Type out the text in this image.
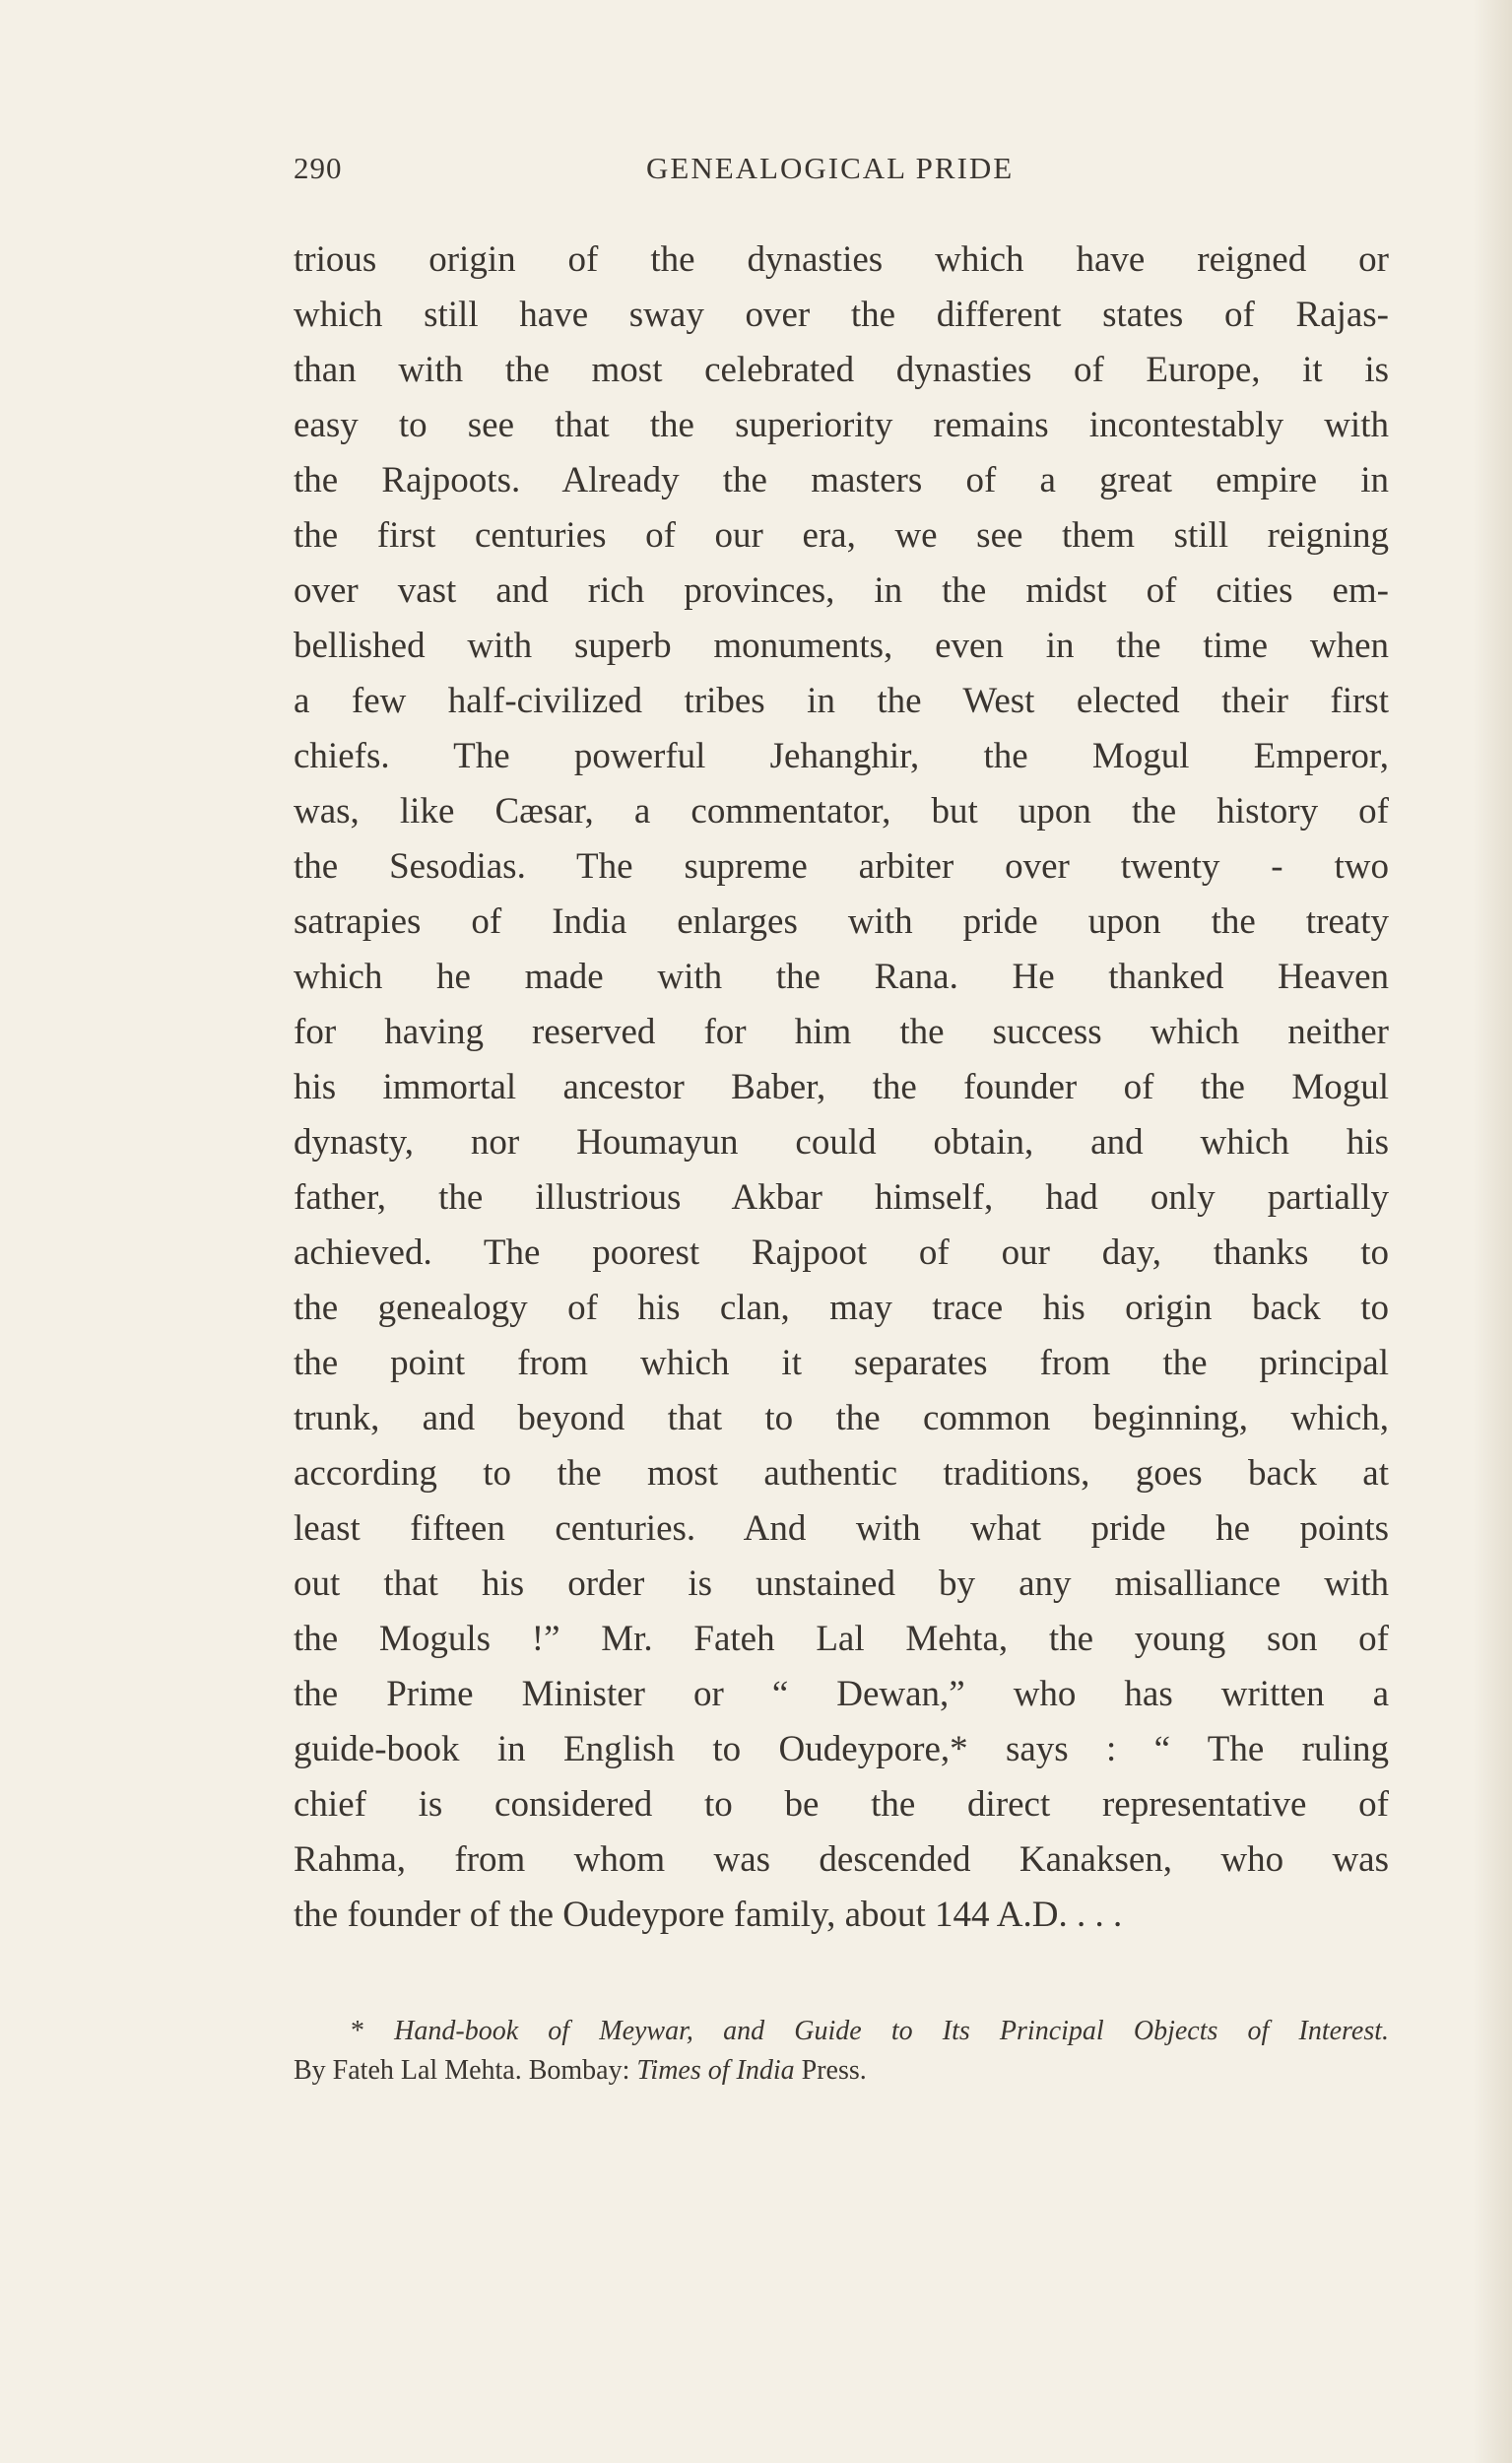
290	GENEALOGICAL PRIDE
trious origin of the dynasties which have reigned or
which still have sway over the different states of Rajas-
than with the most celebrated dynasties of Europe, it is
easy to see that the superiority remains incontestably with
the Rajpoots. Already the masters of a great empire in
the first centuries of our era, we see them still reigning
over vast and rich provinces, in the midst of cities em-
bellished with superb monuments, even in the time when
a few half-civilized tribes in the West elected their first
chiefs. The powerful Jehanghir, the Mogul Emperor,
was, like Cæsar, a commentator, but upon the history of
the Sesodias. The supreme arbiter over twenty - two
satrapies of India enlarges with pride upon the treaty
which he made with the Rana. He thanked Heaven
for having reserved for him the success which neither
his immortal ancestor Baber, the founder of the Mogul
dynasty, nor Houmayun could obtain, and which his
father, the illustrious Akbar himself, had only partially
achieved. The poorest Rajpoot of our day, thanks to
the genealogy of his clan, may trace his origin back to
the point from which it separates from the principal
trunk, and beyond that to the common beginning, which,
according to the most authentic traditions, goes back at
least fifteen centuries. And with what pride he points
out that his order is unstained by any misalliance with
the Moguls !” Mr. Fateh Lal Mehta, the young son of
the Prime Minister or “ Dewan,” who has written a
guide-book in English to Oudeypore,* says : “ The ruling
chief is considered to be the direct representative of
Rahma, from whom was descended Kanaksen, who was
the founder of the Oudeypore family, about 144 A.D. . . .
* Hand-book of Meywar, and Guide to Its Principal Objects of Interest.
By Fateh Lal Mehta. Bombay: Times of India Press.
